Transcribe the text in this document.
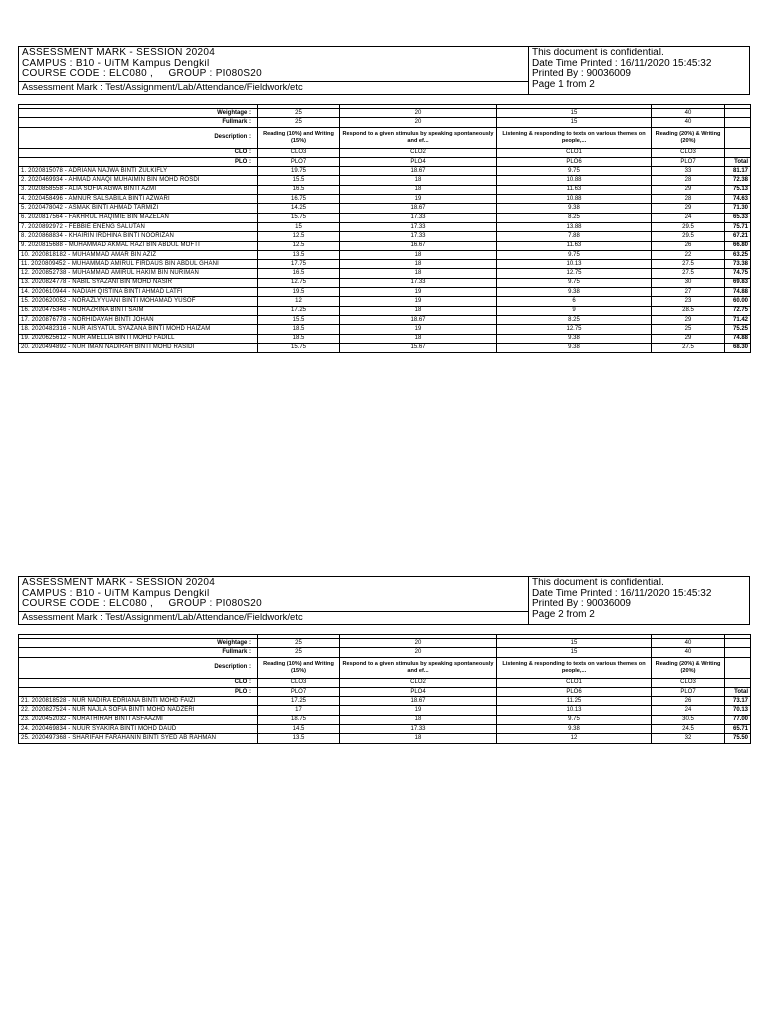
ASSESSMENT MARK - SESSION 20204
CAMPUS : B10 - UiTM Kampus Dengkil
COURSE CODE : ELC080 ,     GROUP : PI080S20

This document is confidential.
Date Time Printed : 16/11/2020 15:45:32
Printed By : 90036009
Page 1 from 2

Assessment Mark : Test/Assignment/Lab/Attendance/Fieldwork/etc

Weightage :	25	20	15	40	
Fullmark :	25	20	15	40	
Description :	Reading (10%) and Writing (15%)	Respond to a given stimulus by speaking spontaneously and ef...	Listening & responding to texts on various themes on people,...	Reading (20%) & Writing (20%)	
CLO :	CLO3	CLO2	CLO1	CLO3	
PLO :	PLO7	PLO4	PLO6	PLO7	Total
1. 2020815078 - ADRIANA NAJWA BINTI ZULKIFLY	19.75	18.67	9.75	33	81.17
2. 2020469934 - AHMAD ANAQI MUHAIMIN BIN MOHD ROSDI	15.5	18	10.88	28	72.38
3. 2020858558 - ALIA SOFIA AGWA BINTI AZMI	16.5	18	11.63	29	75.13
4. 2020458496 - AMNUR SALSABILA BINTI AZWARI	16.75	19	10.88	28	74.63
5. 2020478042 - ASMAK BINTI AHMAD TARMIZI	14.25	18.67	9.38	29	71.30
6. 2020817564 - FAKHRUL HAQIMIE BIN MAZELAN	15.75	17.33	8.25	24	65.33
7. 2020892972 - FEBBIE ENENG SALUTAN	15	17.33	13.88	29.5	75.71
8. 2020868834 - KHAIRIN IRDHINA BINTI NOORIZAN	12.5	17.33	7.88	29.5	67.21
9. 2020815688 - MUHAMMAD AKMAL RAZI BIN ABDUL MOFTI	12.5	16.67	11.63	26	66.80
10. 2020818182 - MUHAMMAD AMAR BIN AZIZ	13.5	18	9.75	22	63.25
11. 2020809452 - MUHAMMAD AMIRUL FIRDAUS BIN ABDUL GHANI	17.75	18	10.13	27.5	73.38
12. 2020852738 - MUHAMMAD AMIRUL HAKIM BIN NURIMAN	16.5	18	12.75	27.5	74.75
13. 2020824778 - NABIL SYAZANI BIN MOHD NASIR	12.75	17.33	9.75	30	69.83
14. 2020610944 - NADIAH QISTINA BINTI AHMAD LATFI	19.5	19	9.38	27	74.88
15. 2020620052 - NORAZLYYUANI BINTI MOHAMAD YUSOF	12	19	6	23	60.00
16. 2020475346 - NORAZRINA BINTI SAIM	17.25	18	9	28.5	72.75
17. 2020876778 - NORHIDAYAH BINTI JOHAN	15.5	18.67	8.25	29	71.42
18. 2020482316 - NUR AISYATUL SYAZANA BINTI MOHD HAIZAM	18.5	19	12.75	25	75.25
19. 2020625612 - NUR AMELLIA BINTI MOHD FADILL	18.5	18	9.38	29	74.88
20. 2020494892 - NUR IMAN NADIRAH BINTI MOHD RASIDI	15.75	15.67	9.38	27.5	68.30
ASSESSMENT MARK - SESSION 20204
CAMPUS : B10 - UiTM Kampus Dengkil
COURSE CODE : ELC080 ,     GROUP : PI080S20

This document is confidential.
Date Time Printed : 16/11/2020 15:45:32
Printed By : 90036009
Page 2 from 2

Assessment Mark : Test/Assignment/Lab/Attendance/Fieldwork/etc

Weightage :	25	20	15	40	
Fullmark :	25	20	15	40	
Description :	Reading (10%) and Writing (15%)	Respond to a given stimulus by speaking spontaneously and ef...	Listening & responding to texts on various themes on people,...	Reading (20%) & Writing (20%)	
CLO :	CLO3	CLO2	CLO1	CLO3	
PLO :	PLO7	PLO4	PLO6	PLO7	Total
21. 2020818528 - NUR NADIRA EDRIANA BINTI MOHD FAIZI	17.25	18.67	11.25	26	73.17
22. 2020827524 - NUR NAJLA SOFIA BINTI MOHD NADZERI	17	19	10.13	24	70.13
23. 2020452032 - NURATHIRAH BINTI ASFAAZMI	18.75	18	9.75	30.5	77.00
24. 2020469834 - NUUR SYAKIRA BINTI MOHD DAUD	14.5	17.33	9.38	24.5	65.71
25. 2020497368 - SHARIFAH FARAHANIN BINTI SYED AB RAHMAN	13.5	18	12	32	75.50
